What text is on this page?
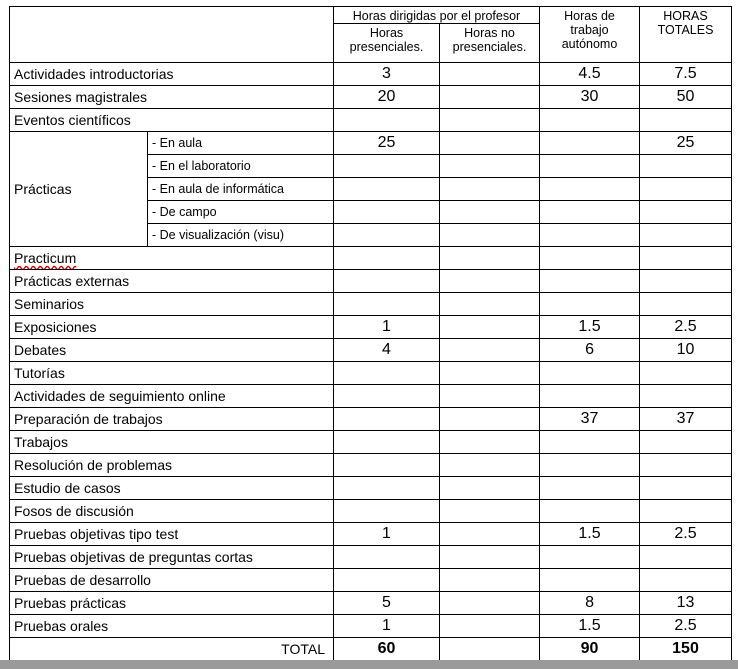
		Horas dirigidas por el profesor		Horas de trabajo autónomo	HORAS TOTALES
		Horas presenciales.	Horas no presenciales.		
Actividades introductorias		3		4.5	7.5
Sesiones magistrales		20		30	50
Eventos científicos					
Prácticas	- En aula	25			25
	- En el laboratorio				
	- En aula de informática				
	- De campo				
	- De visualización (visu)				
Practicum					
Prácticas externas					
Seminarios					
Exposiciones		1		1.5	2.5
Debates		4		6	10
Tutorías					
Actividades de seguimiento online					
Preparación de trabajos				37	37
Trabajos					
Resolución de problemas					
Estudio de casos					
Fosos de discusión					
Pruebas objetivas tipo test		1		1.5	2.5
Pruebas objetivas de preguntas cortas					
Pruebas de desarrollo					
Pruebas prácticas		5		8	13
Pruebas orales		1		1.5	2.5
TOTAL		60		90	150
